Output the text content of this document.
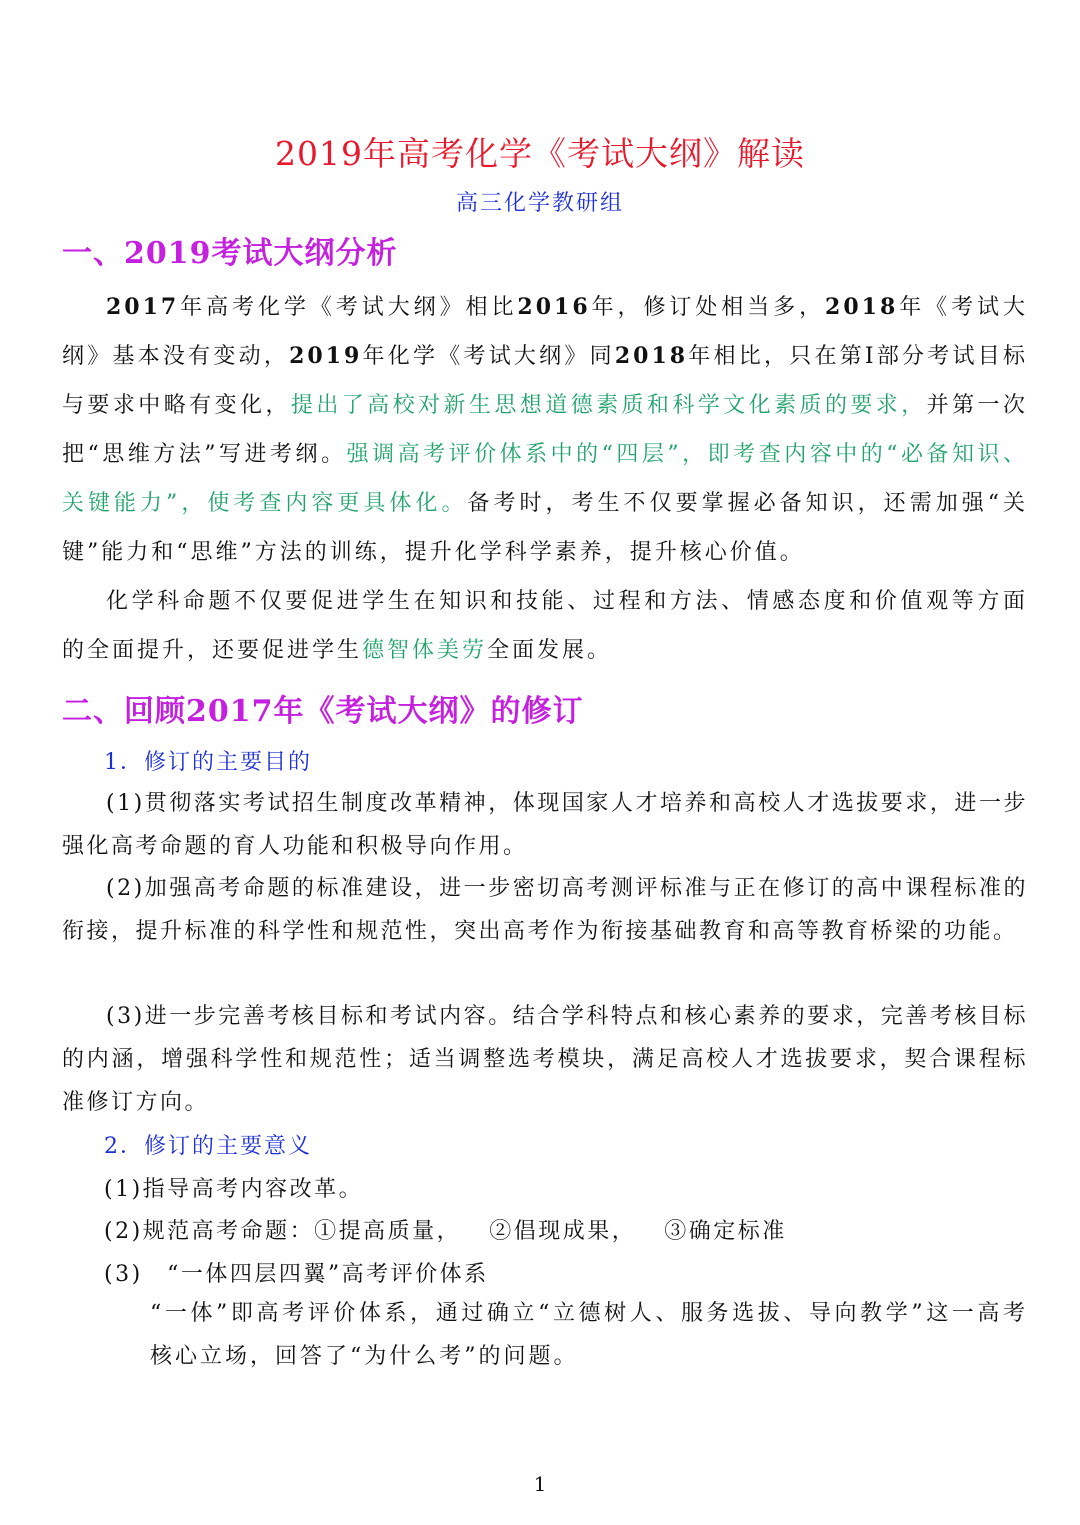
2019年高考化学《考试大纲》解读
高三化学教研组
一、2019考试大纲分析
2017年高考化学《考试大纲》相比2016年，修订处相当多，2018年《考试大纲》基本没有变动，2019年化学《考试大纲》同2018年相比，只在第Ⅰ部分考试目标与要求中略有变化，提出了高校对新生思想道德素质和科学文化素质的要求，并第一次把“思维方法”写进考纲。强调高考评价体系中的“四层”，即考查内容中的“必备知识、关键能力”，使考查内容更具体化。备考时，考生不仅要掌握必备知识，还需加强“关键”能力和“思维”方法的训练，提升化学科学素养，提升核心价值。
化学科命题不仅要促进学生在知识和技能、过程和方法、情感态度和价值观等方面的全面提升，还要促进学生德智体美劳全面发展。
二、回顾2017年《考试大纲》的修订
1．修订的主要目的
(1)贯彻落实考试招生制度改革精神，体现国家人才培养和高校人才选拔要求，进一步强化高考命题的育人功能和积极导向作用。
(2)加强高考命题的标准建设，进一步密切高考测评标准与正在修订的高中课程标准的衔接，提升标准的科学性和规范性，突出高考作为衔接基础教育和高等教育桥梁的功能。
(3)进一步完善考核目标和考试内容。结合学科特点和核心素养的要求，完善考核目标的内涵，增强科学性和规范性；适当调整选考模块，满足高校人才选拔要求，契合课程标准修订方向。
2．修订的主要意义
(1)指导高考内容改革。
(2)规范高考命题：①提高质量， ②倡现成果， ③确定标准
(3)　“一体四层四翼”高考评价体系
“一体”即高考评价体系，通过确立“立德树人、服务选拔、导向教学”这一高考核心立场，回答了“为什么考”的问题。
1
